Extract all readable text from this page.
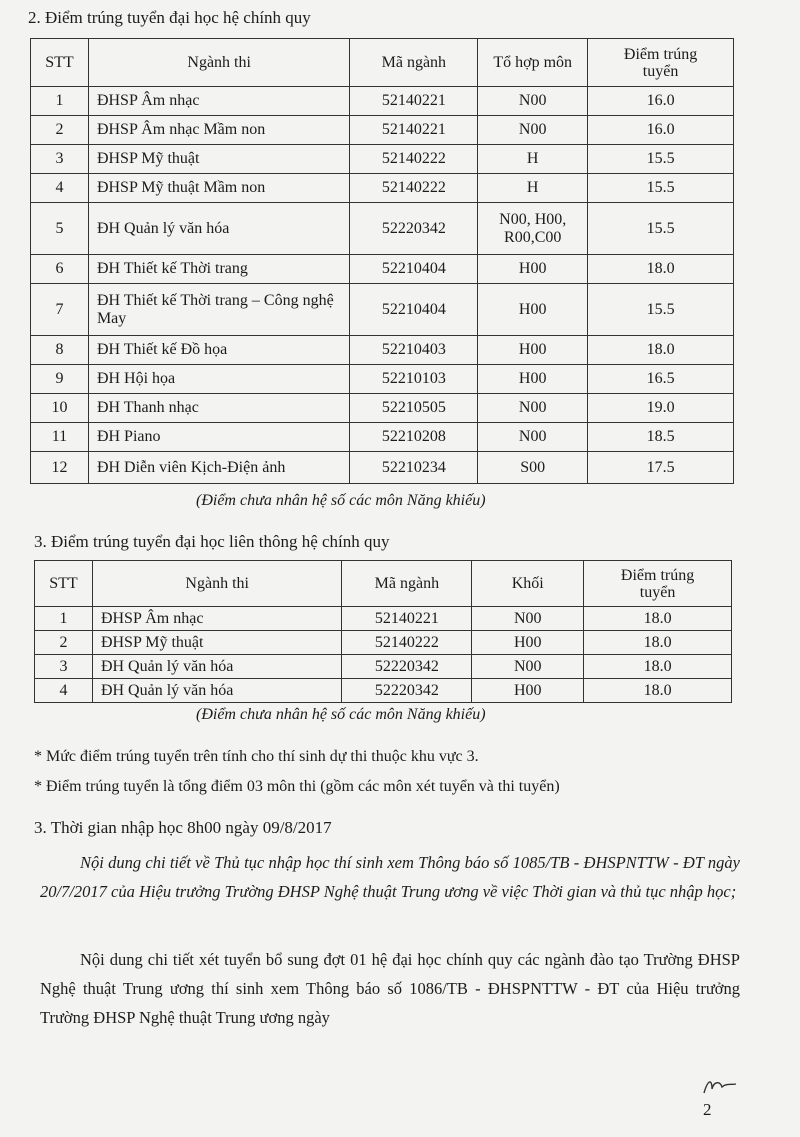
2. Điểm trúng tuyển đại học hệ chính quy
STT	Ngành thi	Mã ngành	Tổ hợp môn	Điểm trúng tuyển
1	ĐHSP Âm nhạc	52140221	N00	16.0
2	ĐHSP Âm nhạc Mầm non	52140221	N00	16.0
3	ĐHSP Mỹ thuật	52140222	H	15.5
4	ĐHSP Mỹ thuật Mầm non	52140222	H	15.5
5	ĐH Quản lý văn hóa	52220342	N00, H00, R00,C00	15.5
6	ĐH Thiết kế Thời trang	52210404	H00	18.0
7	ĐH Thiết kế Thời trang – Công nghệ May	52210404	H00	15.5
8	ĐH Thiết kế Đồ họa	52210403	H00	18.0
9	ĐH Hội họa	52210103	H00	16.5
10	ĐH Thanh nhạc	52210505	N00	19.0
11	ĐH Piano	52210208	N00	18.5
12	ĐH Diễn viên Kịch-Điện ảnh	52210234	S00	17.5
(Điểm chưa nhân hệ số các môn Năng khiếu)
3. Điểm trúng tuyển đại học liên thông hệ chính quy
STT	Ngành thi	Mã ngành	Khối	Điểm trúng tuyển
1	ĐHSP Âm nhạc	52140221	N00	18.0
2	ĐHSP Mỹ thuật	52140222	H00	18.0
3	ĐH Quản lý văn hóa	52220342	N00	18.0
4	ĐH Quản lý văn hóa	52220342	H00	18.0
(Điểm chưa nhân hệ số các môn Năng khiếu)
* Mức điểm trúng tuyển trên tính cho thí sinh dự thi thuộc khu vực 3.
* Điểm trúng tuyển là tổng điểm 03 môn thi (gồm các môn xét tuyển và thi tuyển)
3. Thời gian nhập học 8h00 ngày 09/8/2017
Nội dung chi tiết về Thủ tục nhập học thí sinh xem Thông báo số 1085/TB - ĐHSPNTTW - ĐT ngày 20/7/2017 của Hiệu trưởng Trường ĐHSP Nghệ thuật Trung ương về việc Thời gian và thủ tục nhập học;
Nội dung chi tiết xét tuyển bổ sung đợt 01 hệ đại học chính quy các ngành đào tạo Trường ĐHSP Nghệ thuật Trung ương thí sinh xem Thông báo số 1086/TB - ĐHSPNTTW - ĐT của Hiệu trưởng Trường ĐHSP Nghệ thuật Trung ương ngày
2
